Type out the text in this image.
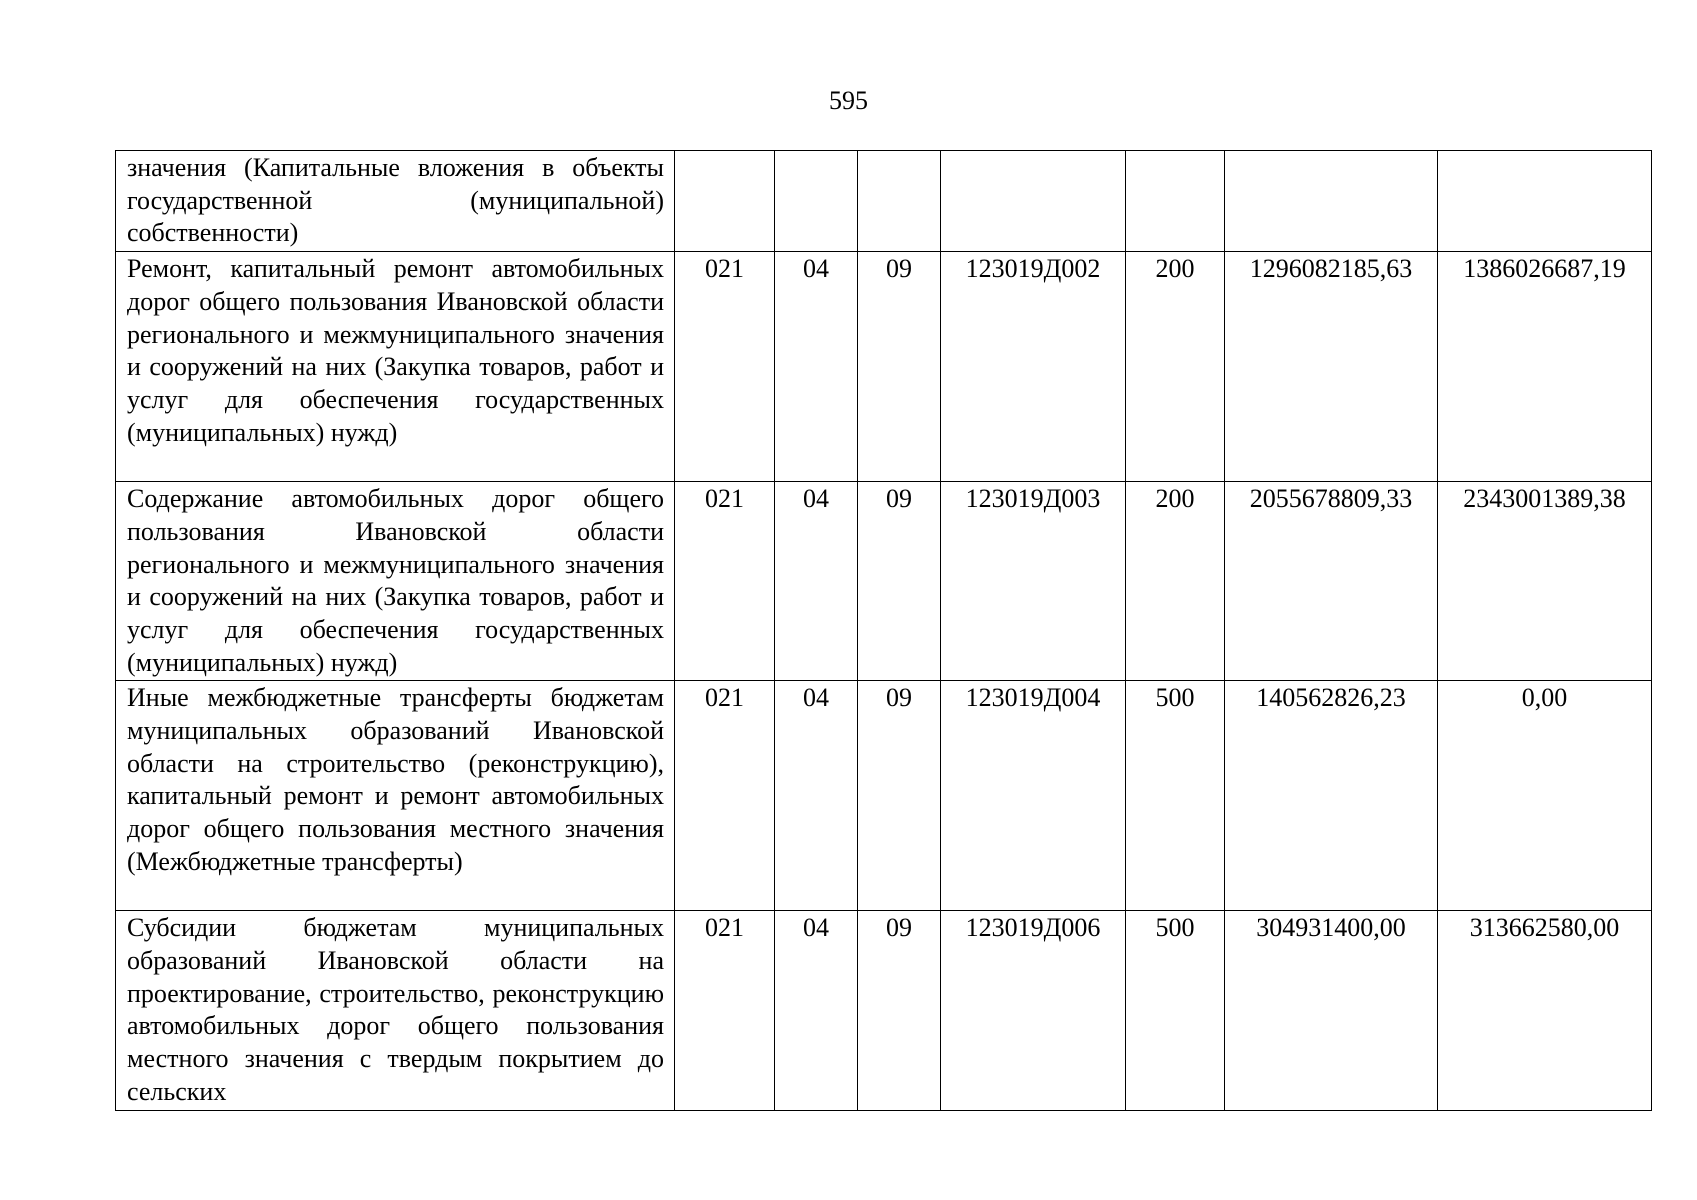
595
значения (Капитальные вложения в объекты государственной (муниципальной) собственности)							

Ремонт, капитальный ремонт автомобильных дорог общего пользования Ивановской области регионального и межмуниципального значения и сооружений на них (Закупка товаров, работ и услуг для обеспечения государственных (муниципальных) нужд)	021	04	09	123019Д002	200	1296082185,63	1386026687,19

Содержание автомобильных дорог общего пользования Ивановской области регионального и межмуниципального значения и сооружений на них (Закупка товаров, работ и услуг для обеспечения государственных (муниципальных) нужд)	021	04	09	123019Д003	200	2055678809,33	2343001389,38

Иные межбюджетные трансферты бюджетам муниципальных образований Ивановской области на строительство (реконструкцию), капитальный ремонт и ремонт автомобильных дорог общего пользования местного значения (Межбюджетные трансферты)	021	04	09	123019Д004	500	140562826,23	0,00

Субсидии бюджетам муниципальных образований Ивановской области на проектирование, строительство, реконструкцию автомобильных дорог общего пользования местного значения с твердым покрытием до сельских	021	04	09	123019Д006	500	304931400,00	313662580,00
